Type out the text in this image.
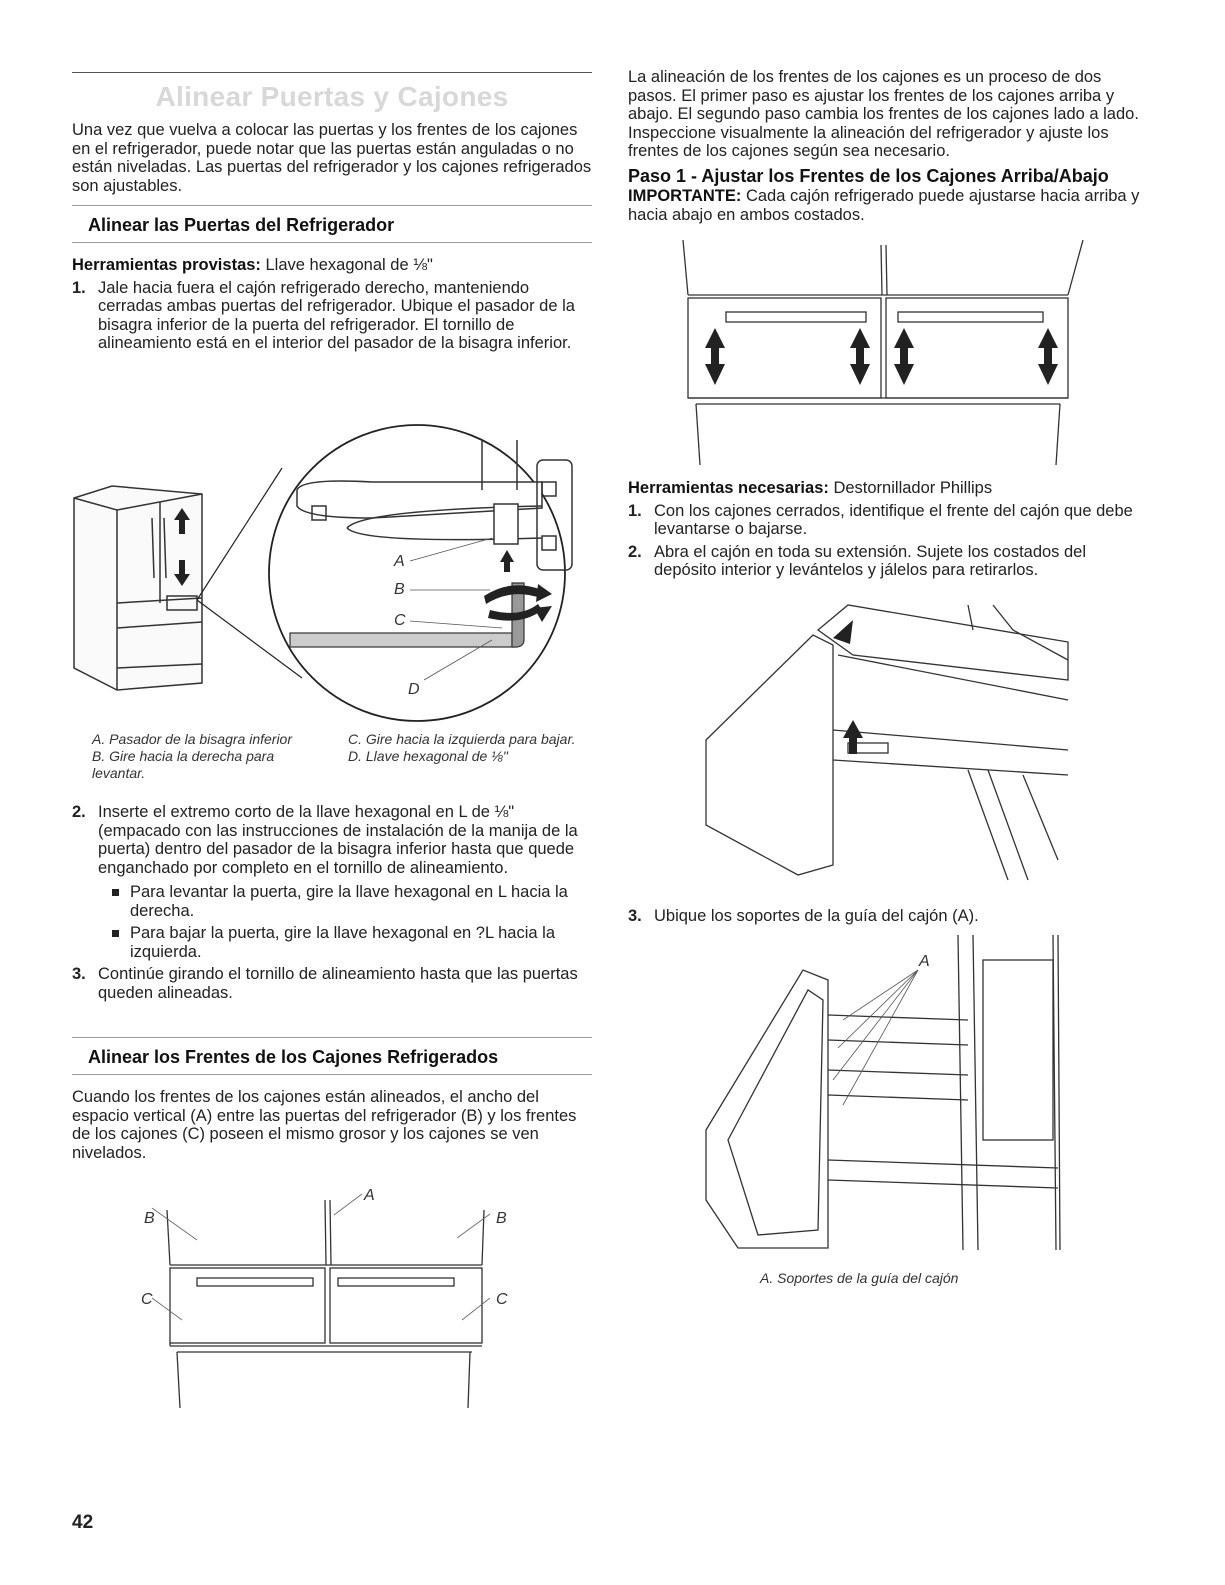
Alinear Puertas y Cajones

Una vez que vuelva a colocar las puertas y los frentes de los cajones en el refrigerador, puede notar que las puertas están anguladas o no están niveladas. Las puertas del refrigerador y los cajones refrigerados son ajustables.

Alinear las Puertas del Refrigerador

Herramientas provistas: Llave hexagonal de ⅛"

1. Jale hacia fuera el cajón refrigerado derecho, manteniendo cerradas ambas puertas del refrigerador. Ubique el pasador de la bisagra inferior de la puerta del refrigerador. El tornillo de alineamiento está en el interior del pasador de la bisagra inferior.
A
B
C
D
A. Pasador de la bisagra inferior
B. Gire hacia la derecha para levantar.
C. Gire hacia la izquierda para bajar.
D. Llave hexagonal de ⅛"
2. Inserte el extremo corto de la llave hexagonal en L de ⅛" (empacado con las instrucciones de instalación de la manija de la puerta) dentro del pasador de la bisagra inferior hasta que quede enganchado por completo en el tornillo de alineamiento.
Para levantar la puerta, gire la llave hexagonal en L hacia la derecha.
Para bajar la puerta, gire la llave hexagonal en ?L hacia la izquierda.
3. Continúe girando el tornillo de alineamiento hasta que las puertas queden alineadas.
Alinear los Frentes de los Cajones Refrigerados

Cuando los frentes de los cajones están alineados, el ancho del espacio vertical (A) entre las puertas del refrigerador (B) y los frentes de los cajones (C) poseen el mismo grosor y los cajones se ven nivelados.

B
A
B
C	C

La alineación de los frentes de los cajones es un proceso de dos pasos. El primer paso es ajustar los frentes de los cajones arriba y abajo. El segundo paso cambia los frentes de los cajones lado a lado. Inspeccione visualmente la alineación del refrigerador y ajuste los frentes de los cajones según sea necesario.

Paso 1 - Ajustar los Frentes de los Cajones Arriba/Abajo

IMPORTANTE: Cada cajón refrigerado puede ajustarse hacia arriba y hacia abajo en ambos costados.

Herramientas necesarias: Destornillador Phillips

1. Con los cajones cerrados, identifique el frente del cajón que debe levantarse o bajarse.
2. Abra el cajón en toda su extensión. Sujete los costados del depósito interior y levántelos y jálelos para retirarlos.
3. Ubique los soportes de la guía del cajón (A).
A
A. Soportes de la guía del cajón
42
